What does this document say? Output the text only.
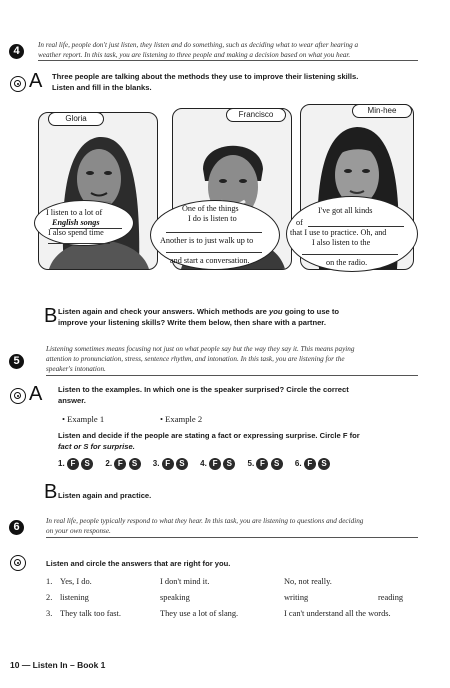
4	In real life, people don't just listen, they listen and do something, such as deciding what to wear after hearing a
weather report. In this task, you are listening to three people and making a decision based on what you hear.
A Three people are talking about the methods they use to improve their listening skills.
Listen and fill in the blanks.
Gloria	Francisco	Min-hee
I listen to a lot of
English songs
I also spend time
One of the things
I do is listen to
Another is to just walk up to
and start a conversation.
I've got all kinds
of
that I use to practice. Oh, and
I also listen to the
on the radio.
B Listen again and check your answers. Which methods are you going to use to
improve your listening skills? Write them below, then share with a partner.
5
Listening sometimes means focusing not just on what people say but the way they say it. This means paying
attention to pronunciation, stress, sentence rhythm, and intonation. In this task, you are listening for the
speaker's intonation.
A Listen to the examples. In which one is the speaker surprised? Circle the correct
answer.
• Example 1	• Example 2
Listen and decide if the people are stating a fact or expressing surprise. Circle F for
fact or S for surprise.
1. F S 2. F S 3. F S 4. F S 5. F S 6. F S
B Listen again and practice.
6	In real life, people typically respond to what they hear. In this task, you are listening to questions and deciding
on your own response.
Listen and circle the answers that are right for you.
1. Yes, I do.	I don't mind it.	No, not really.
2. listening	speaking	writing	reading
3. They talk too fast.	They use a lot of slang.	I can't understand all the words.
10 — Listen In – Book 1
